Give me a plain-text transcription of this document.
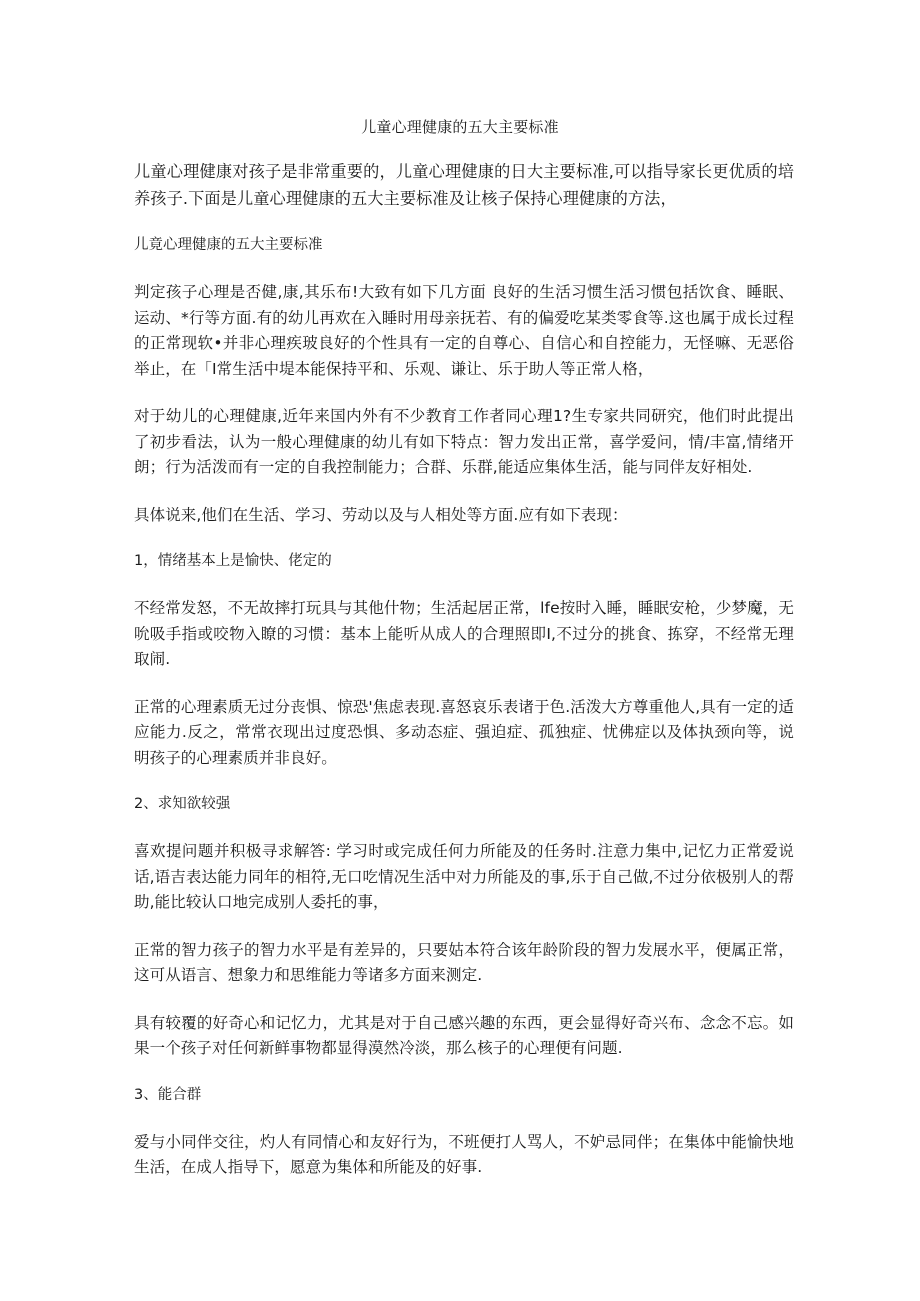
儿童心理健康的五大主要标准

儿童心理健康对孩子是非常重要的，儿童心理健康的日大主要标准,可以指导家长更优质的培养孩子.下面是儿童心理健康的五大主要标准及让核子保持心理健康的方法，

儿竟心理健康的五大主要标准

判定孩子心理是否健,康,其乐布!大致有如下几方面 良好的生活习惯生活习惯包括饮食、睡眠、运动、*行等方面.有的幼儿再欢在入睡时用母亲抚若、有的偏爱吃某类零食等.这也属于成长过程的正常现软•并非心理疾玻良好的个性具有一定的自尊心、自信心和自控能力，无怪嘛、无恶俗举止，在「I常生活中堤本能保持平和、乐观、谦让、乐于助人等正常人格，

对于幼儿的心理健康,近年来国内外有不少教育工作者同心理1?生专家共同研究，他们时此提出了初步看法，认为一般心理健康的幼儿有如下特点：智力发出正常，喜学爱问，情/丰富,情绪开朗；行为活泼而有一定的自我控制能力；合群、乐群,能适应集体生活，能与同伴友好相处.

具体说来,他们在生活、学习、劳动以及与人相处等方面.应有如下表现：

1，情绪基本上是愉快、佬定的

不经常发怒，不无故摔打玩具与其他什物；生活起居正常，lfe按时入睡，睡眠安枪，少梦魔，无吮吸手指或咬物入瞭的习惯：基本上能听从成人的合理照即I,不过分的挑食、拣穿，不经常无理取闹.

正常的心理素质无过分丧惧、惊恐'焦虑表现.喜怒哀乐表诸于色.活泼大方尊重他人,具有一定的适应能力.反之，常常衣现出过度恐惧、多动态症、强迫症、孤独症、忧佛症以及体执颈向等，说明孩子的心理素质并非良好。

2、求知欲较强

喜欢提问题并积极寻求解答: 学习时或完成任何力所能及的任务时.注意力集中,记忆力正常爱说话,语吉表达能力同年的相符,无口吃情况生活中对力所能及的事,乐于自己做,不过分依极别人的帮助,能比较认口地完成别人委托的事，

正常的智力孩子的智力水平是有差异的，只要姑本符合该年龄阶段的智力发展水平，便属正常，这可从语言、想象力和思维能力等诸多方面来测定.

具有较覆的好奇心和记忆力，尤其是对于自己感兴趣的东西，更会显得好奇兴布、念念不忘。如果一个孩子对任何新鲜事物都显得漠然冷淡，那么核子的心理便有问题.

3、能合群

爱与小同伴交往，灼人有同情心和友好行为，不班便打人骂人，不妒忌同伴；在集体中能愉快地生活，在成人指导下，愿意为集体和所能及的好事.
